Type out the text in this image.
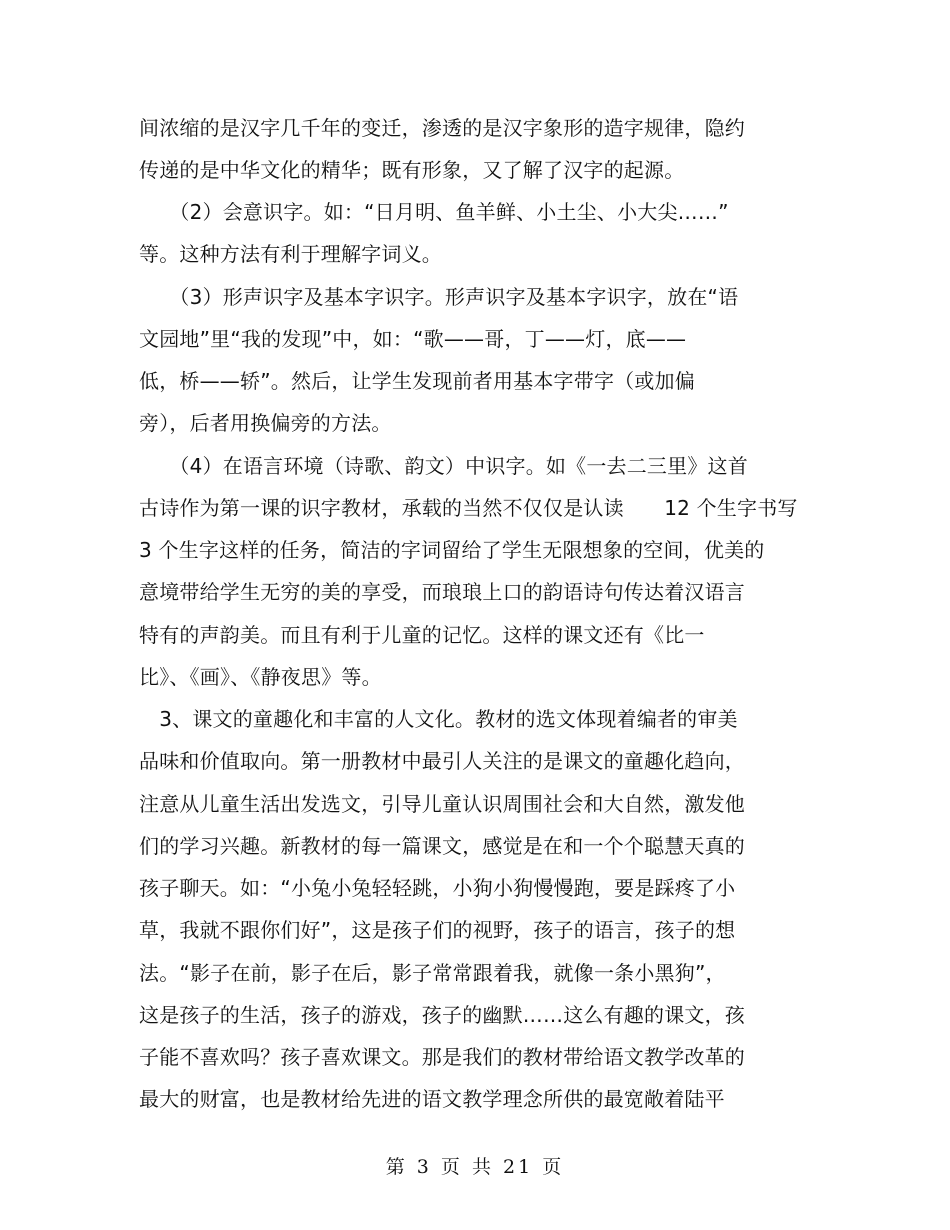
间浓缩的是汉字几千年的变迁，渗透的是汉字象形的造字规律，隐约
传递的是中华文化的精华；既有形象，又了解了汉字的起源。
　　（2）会意识字。如：“日月明、鱼羊鲜、小土尘、小大尖……”
等。这种方法有利于理解字词义。
　　（3）形声识字及基本字识字。形声识字及基本字识字，放在“语
文园地”里“我的发现”中，如：“歌——哥，丁——灯，底——
低，桥——轿”。然后，让学生发现前者用基本字带字（或加偏
旁），后者用换偏旁的方法。
　　（4）在语言环境（诗歌、韵文）中识字。如《一去二三里》这首
古诗作为第一课的识字教材，承载的当然不仅仅是认读　　12 个生字书写
3 个生字这样的任务，简洁的字词留给了学生无限想象的空间，优美的
意境带给学生无穷的美的享受，而琅琅上口的韵语诗句传达着汉语言
特有的声韵美。而且有利于儿童的记忆。这样的课文还有《比一
比》、《画》、《静夜思》等。
　3、课文的童趣化和丰富的人文化。教材的选文体现着编者的审美
品味和价值取向。第一册教材中最引人关注的是课文的童趣化趋向，
注意从儿童生活出发选文，引导儿童认识周围社会和大自然，激发他
们的学习兴趣。新教材的每一篇课文，感觉是在和一个个聪慧天真的
孩子聊天。如：“小兔小兔轻轻跳，小狗小狗慢慢跑，要是踩疼了小
草，我就不跟你们好”，这是孩子们的视野，孩子的语言，孩子的想
法。“影子在前，影子在后，影子常常跟着我，就像一条小黑狗”，
这是孩子的生活，孩子的游戏，孩子的幽默……这么有趣的课文，孩
子能不喜欢吗？孩子喜欢课文。那是我们的教材带给语文教学改革的
最大的财富，也是教材给先进的语文教学理念所供的最宽敞着陆平
第 3 页 共 21 页
